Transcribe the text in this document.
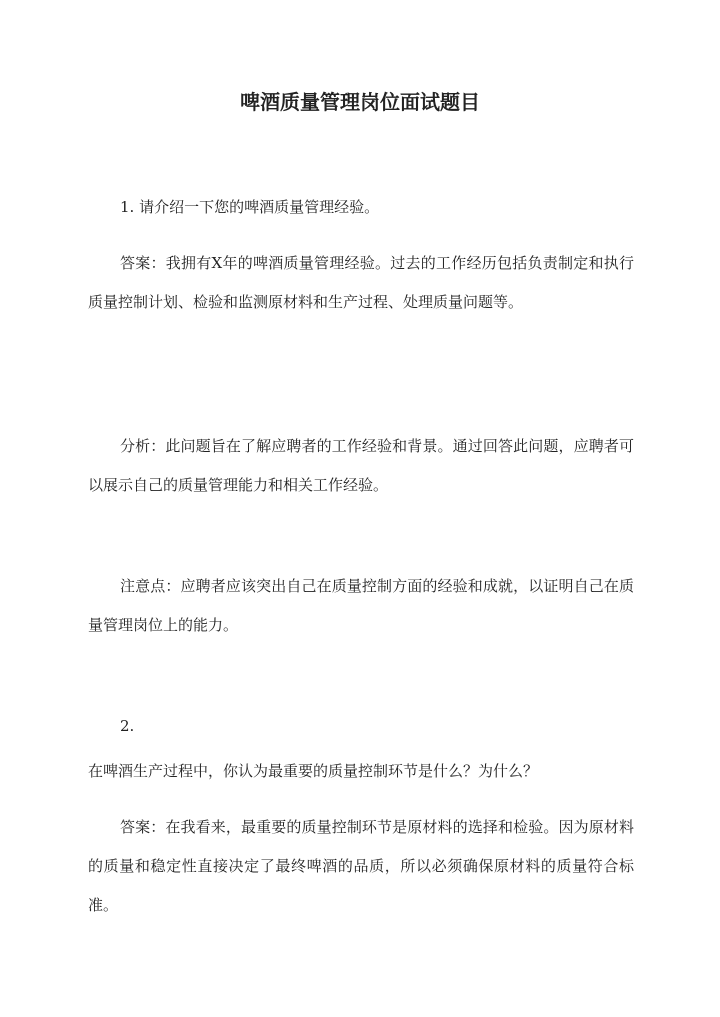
啤酒质量管理岗位面试题目

1. 请介绍一下您的啤酒质量管理经验。

答案：我拥有X年的啤酒质量管理经验。过去的工作经历包括负责制定和执行质量控制计划、检验和监测原材料和生产过程、处理质量问题等。

分析：此问题旨在了解应聘者的工作经验和背景。通过回答此问题，应聘者可以展示自己的质量管理能力和相关工作经验。

注意点：应聘者应该突出自己在质量控制方面的经验和成就，以证明自己在质量管理岗位上的能力。

2.

在啤酒生产过程中，你认为最重要的质量控制环节是什么？为什么？

答案：在我看来，最重要的质量控制环节是原材料的选择和检验。因为原材料的质量和稳定性直接决定了最终啤酒的品质，所以必须确保原材料的质量符合标准。
